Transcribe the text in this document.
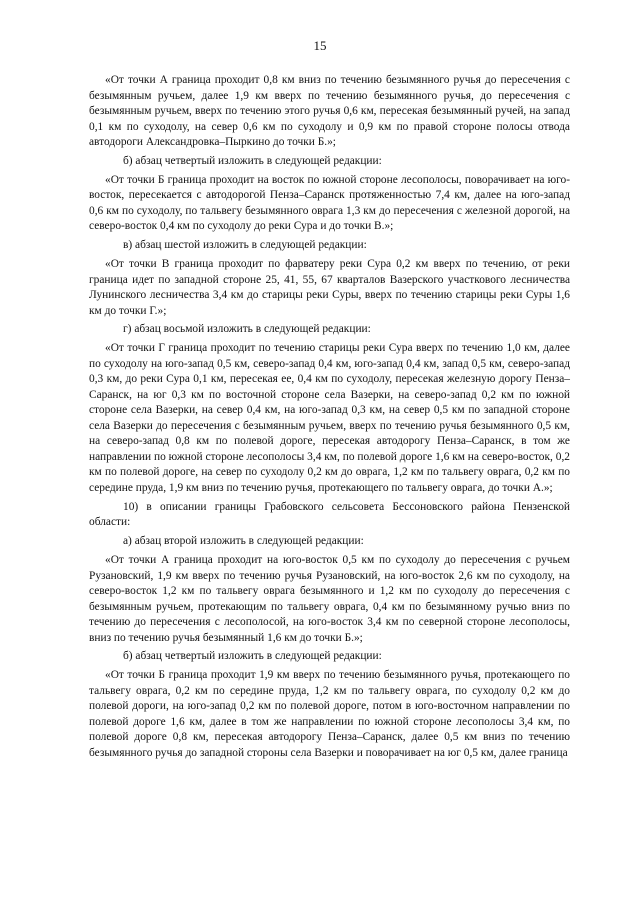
15

«От точки А граница проходит 0,8 км вниз по течению безымянного ручья до пересечения с безымянным ручьем, далее 1,9 км вверх по течению безымянного ручья, до пересечения с безымянным ручьем, вверх по течению этого ручья 0,6 км, пересекая безымянный ручей, на запад 0,1 км по суходолу, на север 0,6 км по суходолу и 0,9 км по правой стороне полосы отвода автодороги Александровка–Пыркино до точки Б.»;

б) абзац четвертый изложить в следующей редакции:

«От точки Б граница проходит на восток по южной стороне лесополосы, поворачивает на юго-восток, пересекается с автодорогой Пенза–Саранск протяженностью 7,4 км, далее на юго-запад 0,6 км по суходолу, по тальвегу безымянного оврага 1,3 км до пересечения с железной дорогой, на северо-восток 0,4 км по суходолу до реки Сура и до точки В.»;

в) абзац шестой изложить в следующей редакции:

«От точки В граница проходит по фарватеру реки Сура 0,2 км вверх по течению, от реки граница идет по западной стороне 25, 41, 55, 67 кварталов Вазерского участкового лесничества Лунинского лесничества 3,4 км до старицы реки Суры, вверх по течению старицы реки Суры 1,6 км до точки Г.»;

г) абзац восьмой изложить в следующей редакции:

«От точки Г граница проходит по течению старицы реки Сура вверх по течению 1,0 км, далее по суходолу на юго-запад 0,5 км, северо-запад 0,4 км, юго-запад 0,4 км, запад 0,5 км, северо-запад 0,3 км, до реки Сура 0,1 км, пересекая ее, 0,4 км по суходолу, пересекая железную дорогу Пенза–Саранск, на юг 0,3 км по восточной стороне села Вазерки, на северо-запад 0,2 км по южной стороне села Вазерки, на север 0,4 км, на юго-запад 0,3 км, на север 0,5 км по западной стороне села Вазерки до пересечения с безымянным ручьем, вверх по течению ручья безымянного 0,5 км, на северо-запад 0,8 км по полевой дороге, пересекая автодорогу Пенза–Саранск, в том же направлении по южной стороне лесополосы 3,4 км, по полевой дороге 1,6 км на северо-восток, 0,2 км по полевой дороге, на север по суходолу 0,2 км до оврага, 1,2 км по тальвегу оврага, 0,2 км по середине пруда, 1,9 км вниз по течению ручья, протекающего по тальвегу оврага, до точки А.»;

10) в описании границы Грабовского сельсовета Бессоновского района Пензенской области:

а) абзац второй изложить в следующей редакции:

«От точки А граница проходит на юго-восток 0,5 км по суходолу до пересечения с ручьем Рузановский, 1,9 км вверх по течению ручья Рузановский, на юго-восток 2,6 км по суходолу, на северо-восток 1,2 км по тальвегу оврага безымянного и 1,2 км по суходолу до пересечения с безымянным ручьем, протекающим по тальвегу оврага, 0,4 км по безымянному ручью вниз по течению до пересечения с лесополосой, на юго-восток 3,4 км по северной стороне лесополосы, вниз по течению ручья безымянный 1,6 км до точки Б.»;

б) абзац четвертый изложить в следующей редакции:

«От точки Б граница проходит 1,9 км вверх по течению безымянного ручья, протекающего по тальвегу оврага, 0,2 км по середине пруда, 1,2 км по тальвегу оврага, по суходолу 0,2 км до полевой дороги, на юго-запад 0,2 км по полевой дороге, потом в юго-восточном направлении по полевой дороге 1,6 км, далее в том же направлении по южной стороне лесополосы 3,4 км, по полевой дороге 0,8 км, пересекая автодорогу Пенза–Саранск, далее 0,5 км вниз по течению безымянного ручья до западной стороны села Вазерки и поворачивает на юг 0,5 км, далее граница
